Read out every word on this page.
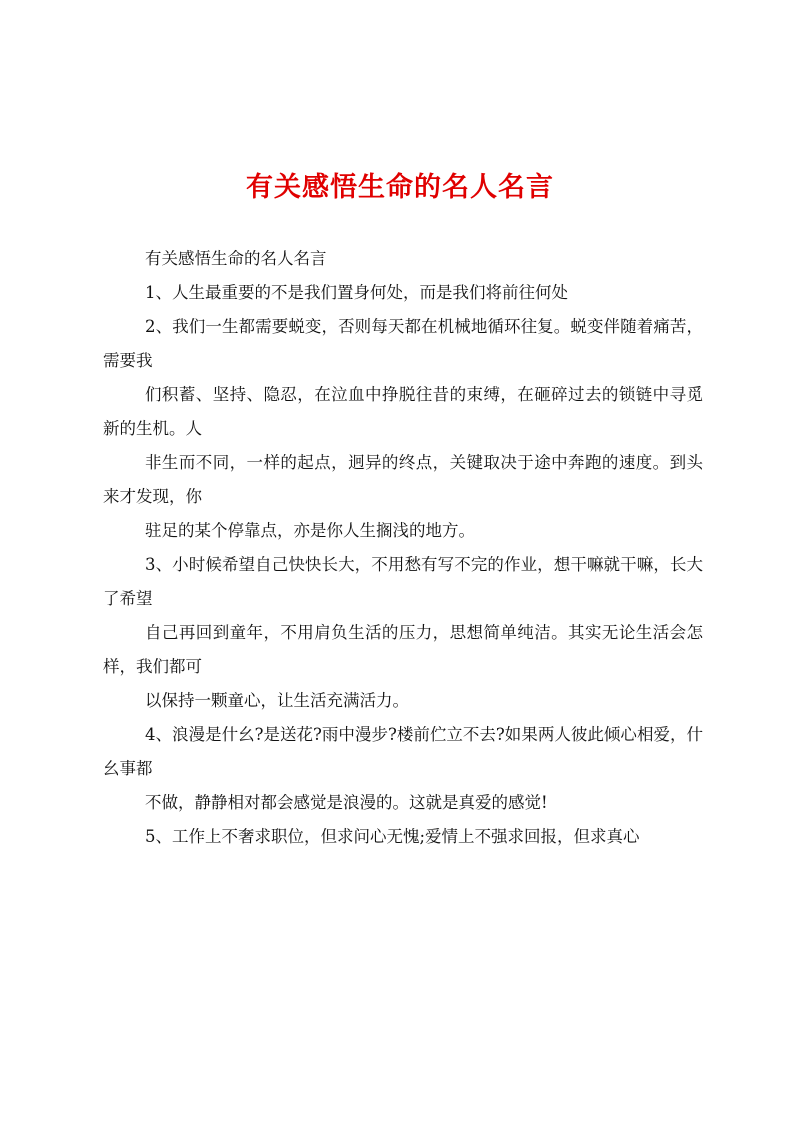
有关感悟生命的名人名言

有关感悟生命的名人名言

1、人生最重要的不是我们置身何处，而是我们将前往何处

2、我们一生都需要蜕变，否则每天都在机械地循环往复。蜕变伴随着痛苦，需要我

们积蓄、坚持、隐忍，在泣血中挣脱往昔的束缚，在砸碎过去的锁链中寻觅新的生机。人

非生而不同，一样的起点，迥异的终点，关键取决于途中奔跑的速度。到头来才发现，你

驻足的某个停靠点，亦是你人生搁浅的地方。

3、小时候希望自己快快长大，不用愁有写不完的作业，想干嘛就干嘛，长大了希望

自己再回到童年，不用肩负生活的压力，思想简单纯洁。其实无论生活会怎样，我们都可

以保持一颗童心，让生活充满活力。

4、浪漫是什幺?是送花?雨中漫步?楼前伫立不去?如果两人彼此倾心相爱，什幺事都

不做，静静相对都会感觉是浪漫的。这就是真爱的感觉!

5、工作上不奢求职位，但求问心无愧;爱情上不强求回报，但求真心
